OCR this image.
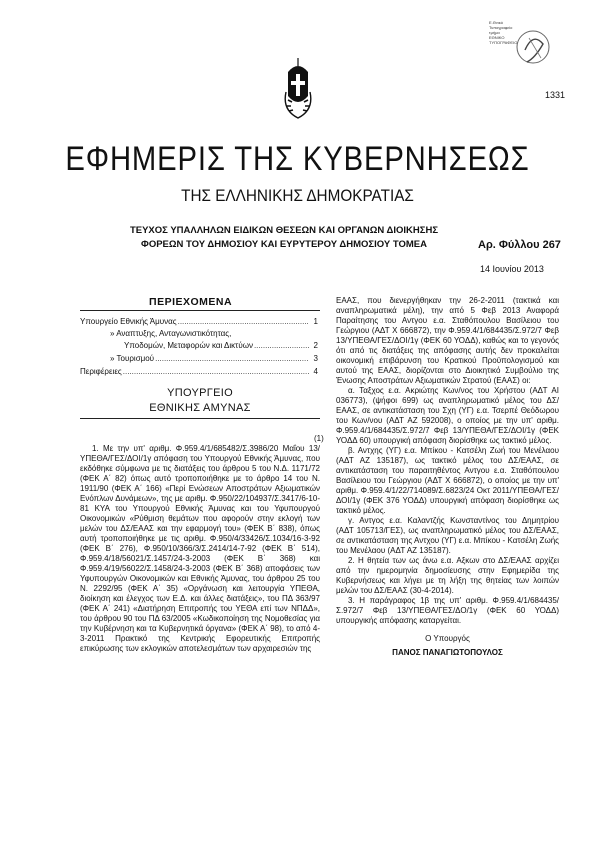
Ε.Θνικό
Τυπογραφείο
τμήμα
ΕΘΝΙΚΟ ΤΥΠΟΓΡΑΦΕΙΟ
1331
ΕΦΗΜΕΡΙΣ ΤΗΣ ΚΥΒΕΡΝΗΣΕΩΣ
ΤΗΣ ΕΛΛΗΝΙΚΗΣ ΔΗΜΟΚΡΑΤΙΑΣ
ΤΕΥΧΟΣ ΥΠΑΛΛΗΛΩΝ ΕΙΔΙΚΩΝ ΘΕΣΕΩΝ ΚΑΙ ΟΡΓΑΝΩΝ ΔΙΟΙΚΗΣΗΣ
ΦΟΡΕΩΝ ΤΟΥ ΔΗΜΟΣΙΟΥ ΚΑΙ ΕΥΡΥΤΕΡΟΥ ΔΗΜΟΣΙΟΥ ΤΟΜΕΑ	Αρ. Φύλλου 267
14 Ιουνίου 2013
ΠΕΡΙΕΧΟΜΕΝΑ
Υπουργείο Εθνικής Άμυνας .....	1
» Αναπτυξης, Ανταγωνιστικότητας,
Υποδομών, Μεταφορών και Δικτύων .....	2
» Τουρισμού .....	3
Περιφέρειες .....	4
ΥΠΟΥΡΓΕΙΟ
ΕΘΝΙΚΗΣ ΑΜΥΝΑΣ
(1)

1. Με την υπ' αριθμ. Φ.959.4/1/685482/Σ.3986/20 Μαΐου 13/ΥΠΕΘΑ/ΓΕΣ/ΔΟΙ/1γ απόφαση του Υπουργού Εθνικής Άμυνας, που εκδόθηκε σύμφωνα με τις διατάξεις του άρθρου 5 του Ν.Δ. 1171/72 (ΦΕΚ Α΄ 82) όπως αυτό τροποποιήθηκε με το άρθρο 14 του Ν. 1911/90 (ΦΕΚ Α΄ 166) «Περί Ενώσεων Αποστράτων Αξιωματικών Ενόπλων Δυνάμεων», της με αριθμ. Φ.950/22/104937/Σ.3417/6-10-81 ΚΥΑ του Υπουργού Εθνικής Άμυνας και του Υφυπουργού Οικονομικών «Ρύθμιση θεμάτων που αφορούν στην εκλογή των μελών του ΔΣ/ΕΑΑΣ και την εφαρμογή του» (ΦΕΚ Β΄ 838), όπως αυτή τροποποιήθηκε με τις αριθμ. Φ.950/4/33426/Σ.1034/16-3-92 (ΦΕΚ Β΄ 276), Φ.950/10/366/3/Σ.2414/14-7-92 (ΦΕΚ Β΄ 514), Φ.959.4/18/56021/Σ.1457/24-3-2003 (ΦΕΚ Β΄ 368) και Φ.959.4/19/56022/Σ.1458/24-3-2003 (ΦΕΚ Β΄ 368) αποφάσεις των Υφυπουργών Οικονομικών και Εθνικής Άμυνας, του άρθρου 25 του Ν. 2292/95 (ΦΕΚ Α΄ 35) «Οργάνωση και λειτουργία ΥΠΕΘΑ, διοίκηση και έλεγχος των Ε.Δ. και άλλες διατάξεις», του ΠΔ 363/97 (ΦΕΚ Α΄ 241) «Διατήρηση Επιτροπής του ΥΕΘΑ επί των ΝΠΔΔ», του άρθρου 90 του ΠΔ 63/2005 «Κωδικοποίηση της Νομοθεσίας για την Κυβέρνηση και τα Κυβερνητικά όργανα» (ΦΕΚ Α΄ 98), το από 4-3-2011 Πρακτικό της Κεντρικής Εφορευτικής Επιτροπής επικύρωσης των εκλογικών αποτελεσμάτων των αρχαιρεσιών της

ΕΑΑΣ, που διενεργήθηκαν την 26-2-2011 (τακτικά και αναπληρωματικά μέλη), την από 5 Φεβ 2013 Αναφορά Παραίτησης του Αντγου ε.α. Σταθόπουλου Βασίλειου του Γεώργιου (ΑΔΤ Χ 666872), την Φ.959.4/1/684435/Σ.972/7 Φεβ 13/ΥΠΕΘΑ/ΓΕΣ/ΔΟΙ/1γ (ΦΕΚ 60 ΥΟΔΔ), καθώς και το γεγονός ότι από τις διατάξεις της απόφασης αυτής δεν προκαλείται οικονομική επιβάρυνση του Κρατικού Προϋπολογισμού και αυτού της ΕΑΑΣ, διορίζονται στο Διοικητικό Συμβούλιο της Ένωσης Αποστράτων Αξιωματικών Στρατού (ΕΑΑΣ) οι:

α. Ταξχος ε.α. Ακριώτης Κων/νος του Χρήστου (ΑΔΤ ΑΙ 036773), (ψήφοι 699) ως αναπληρωματικό μέλος του ΔΣ/ΕΑΑΣ, σε αντικατάσταση του Σχη (ΥΓ) ε.α. Τσερπέ Θεόδωρου του Κων/νου (ΑΔΤ ΑΖ 592008), ο οποίος με την υπ' αριθμ. Φ.959.4/1/684435/Σ.972/7 Φεβ 13/ΥΠΕΘΑ/ΓΕΣ/ΔΟΙ/1γ (ΦΕΚ ΥΟΔΔ 60) υπουργική απόφαση διορίσθηκε ως τακτικό μέλος.

β. Αντχης (ΥΓ) ε.α. Μπίκου - Κατσέλη Ζωή του Μενέλαου (ΑΔΤ ΑΖ 135187), ως τακτικό μέλος του ΔΣ/ΕΑΑΣ, σε αντικατάσταση του παραιτηθέντος Αντγου ε.α. Σταθόπουλου Βασίλειου του Γεώργιου (ΑΔΤ Χ 666872), ο οποίος με την υπ' αριθμ. Φ.959.4/1/22/714089/Σ.6823/24 Οκτ 2011/ΥΠΕΘΑ/ΓΕΣ/ΔΟΙ/1γ (ΦΕΚ 376 ΥΟΔΔ) υπουργική απόφαση διορίσθηκε ως τακτικό μέλος.

γ. Αντγος ε.α. Καλαντζής Κωνσταντίνος του Δημητρίου (ΑΔΤ 105713/ΓΕΣ), ως αναπληρωματικό μέλος του ΔΣ/ΕΑΑΣ, σε αντικατάσταση της Αντχου (ΥΓ) ε.α. Μπίκου - Κατσέλη Ζωής του Μενέλαου (ΑΔΤ ΑΖ 135187).

2. Η θητεία των ως άνω ε.α. Αξκων στο ΔΣ/ΕΑΑΣ αρχίζει από την ημερομηνία δημοσίευσης στην Εφημερίδα της Κυβερνήσεως και λήγει με τη λήξη της θητείας των λοιπών μελών του ΔΣ/ΕΑΑΣ (30-4-2014).

3. Η παράγραφος 1β της υπ' αριθμ. Φ.959.4/1/684435/Σ.972/7 Φεβ 13/ΥΠΕΘΑ/ΓΕΣ/ΔΟ/1γ (ΦΕΚ 60 ΥΟΔΔ) υπουργικής απόφασης καταργείται.

Ο Υπουργός
ΠΑΝΟΣ ΠΑΝΑΓΙΩΤΟΠΟΥΛΟΣ
